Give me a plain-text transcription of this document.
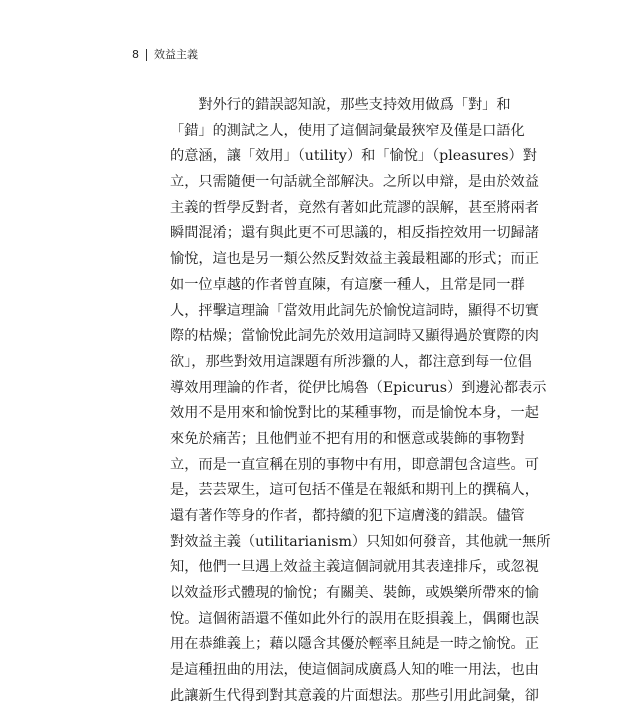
8	效益主義
　　對外行的錯誤認知說，那些支持效用做爲「對」和
「錯」的測試之人，使用了這個詞彙最狹窄及僅是口語化
的意涵，讓「效用」（utility）和「愉悅」（pleasures）對
立，只需隨便一句話就全部解決。之所以申辯，是由於效益
主義的哲學反對者，竟然有著如此荒謬的誤解，甚至將兩者
瞬間混淆；還有與此更不可思議的，相反指控效用一切歸諸
愉悅，這也是另一類公然反對效益主義最粗鄙的形式；而正
如一位卓越的作者曾直陳，有這麼一種人，且常是同一群
人，抨擊這理論「當效用此詞先於愉悅這詞時，顯得不切實
際的枯燥；當愉悅此詞先於效用這詞時又顯得過於實際的肉
欲」，那些對效用這課題有所涉獵的人，都注意到每一位倡
導效用理論的作者，從伊比鳩魯（Epicurus）到邊沁都表示
效用不是用來和愉悅對比的某種事物，而是愉悅本身，一起
來免於痛苦；且他們並不把有用的和愜意或裝飾的事物對
立，而是一直宣稱在別的事物中有用，即意謂包含這些。可
是，芸芸眾生，這可包括不僅是在報紙和期刊上的撰稿人，
還有著作等身的作者，都持續的犯下這膚淺的錯誤。儘管
對效益主義（utilitarianism）只知如何發音，其他就一無所
知，他們一旦遇上效益主義這個詞就用其表達排斥，或忽視
以效益形式體現的愉悅；有關美、裝飾，或娛樂所帶來的愉
悅。這個術語還不僅如此外行的誤用在貶損義上，偶爾也誤
用在恭維義上；藉以隱含其優於輕率且純是一時之愉悅。正
是這種扭曲的用法，使這個詞成廣爲人知的唯一用法，也由
此讓新生代得到對其意義的片面想法。那些引用此詞彙，卻
